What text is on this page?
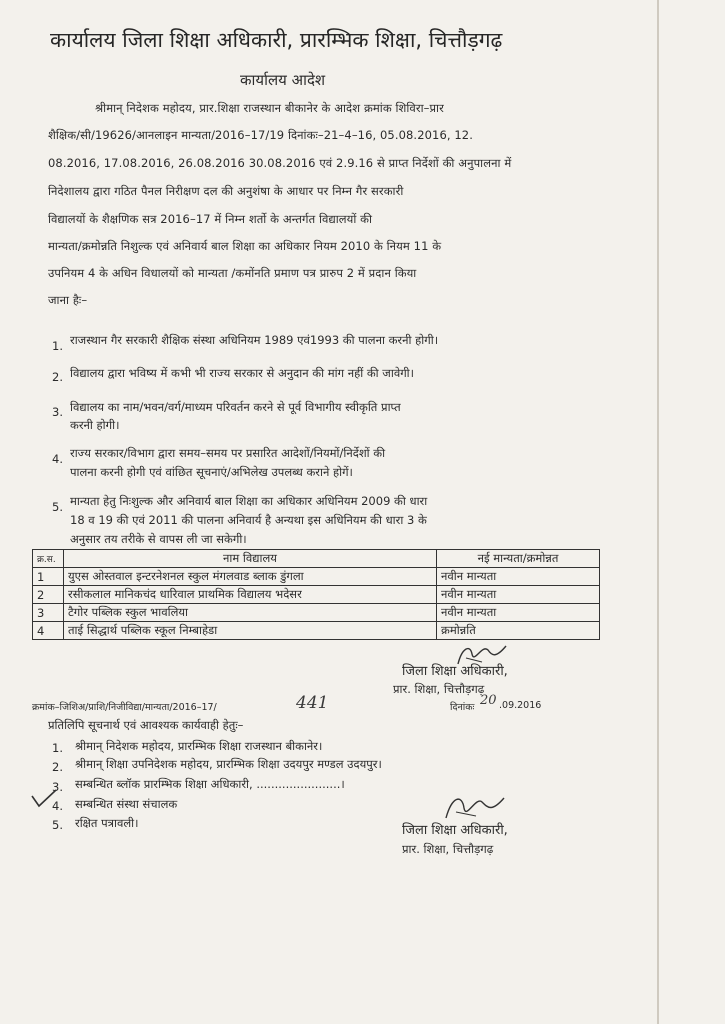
कार्यालय जिला शिक्षा अधिकारी, प्रारम्भिक शिक्षा, चित्तौड़गढ़
कार्यालय आदेश
श्रीमान् निदेशक महोदय, प्रार.शिक्षा राजस्थान बीकानेर के आदेश क्रमांक शिविरा–प्रार
शैक्षिक/सी/19626/आनलाइन मान्यता/2016–17/19 दिनांकः–21–4–16, 05.08.2016, 12.
08.2016, 17.08.2016, 26.08.2016 30.08.2016 एवं 2.9.16 से प्राप्त निर्देशों की अनुपालना में
निदेशालय द्वारा गठित पैनल निरीक्षण दल की अनुशंषा के आधार पर निम्न गैर सरकारी
विद्यालयों के शैक्षणिक सत्र 2016–17 में निम्न शर्तो के अन्तर्गत विद्यालयों की
मान्यता/क्रमोन्नति निशुल्क एवं अनिवार्य बाल शिक्षा का अधिकार नियम 2010 के नियम 11 के
उपनियम 4 के अधिन विधालयों को मान्यता /कमोंनति प्रमाण पत्र प्रारुप 2 में प्रदान किया
जाना हैः–
1. राजस्थान गैर सरकारी शैक्षिक संस्था अधिनियम 1989 एवं1993 की पालना करनी होगी।
2. विद्यालय द्वारा भविष्य में कभी भी राज्य सरकार से अनुदान की मांग नहीं की जावेगी।
3. विद्यालय का नाम/भवन/वर्ग/माध्यम परिवर्तन करने से पूर्व विभागीय स्वीकृति प्राप्त
करनी होगी।
4. राज्य सरकार/विभाग द्वारा समय–समय पर प्रसारित आदेशों/नियमों/निर्देशों की
पालना करनी होगी एवं वांछित सूचनाएं/अभिलेख उपलब्ध कराने होगें।
5. मान्यता हेतु निःशुल्क और अनिवार्य बाल शिक्षा का अधिकार अधिनियम 2009 की धारा
18 व 19 की एवं 2011 की पालना अनिवार्य है अन्यथा इस अधिनियम की धारा 3 के
अनुसार तय तरीके से वापस ली जा सकेगी।
क्र.स.	नाम विद्यालय	नई मान्यता/क्रमोन्नत
1	युएस ओस्तवाल इन्टरनेशनल स्कुल मंगलवाड ब्लाक डुंगला	नवीन मान्यता
2	रसीकलाल मानिकचंद धारिवाल प्राथमिक विद्यालय भदेसर	नवीन मान्यता
3	टैगोर पब्लिक स्कुल भावलिया	नवीन मान्यता
4	ताई सिद्धार्थ पब्लिक स्कूल निम्बाहेडा	क्रमोन्नति
जिला शिक्षा अधिकारी,
प्रार. शिक्षा, चित्तौड़गढ़
क्रमांक–जिशिअ/प्राशि/निजीविद्या/मान्यता/2016–17/	441	दिनांकः 20 .09.2016
प्रतिलिपि सूचनार्थ एवं आवश्यक कार्यवाही हेतुः–
1. श्रीमान् निदेशक महोदय, प्रारम्भिक शिक्षा राजस्थान बीकानेर।
2. श्रीमान् शिक्षा उपनिदेशक महोदय, प्रारम्भिक शिक्षा उदयपुर मण्डल उदयपुर।
3. सम्बन्धित ब्लॉक प्रारम्भिक शिक्षा अधिकारी, .......................।
4. सम्बन्धित संस्था संचालक
5. रक्षित पत्रावली।	जिला शिक्षा अधिकारी,
प्रार. शिक्षा, चित्तौड़गढ़
